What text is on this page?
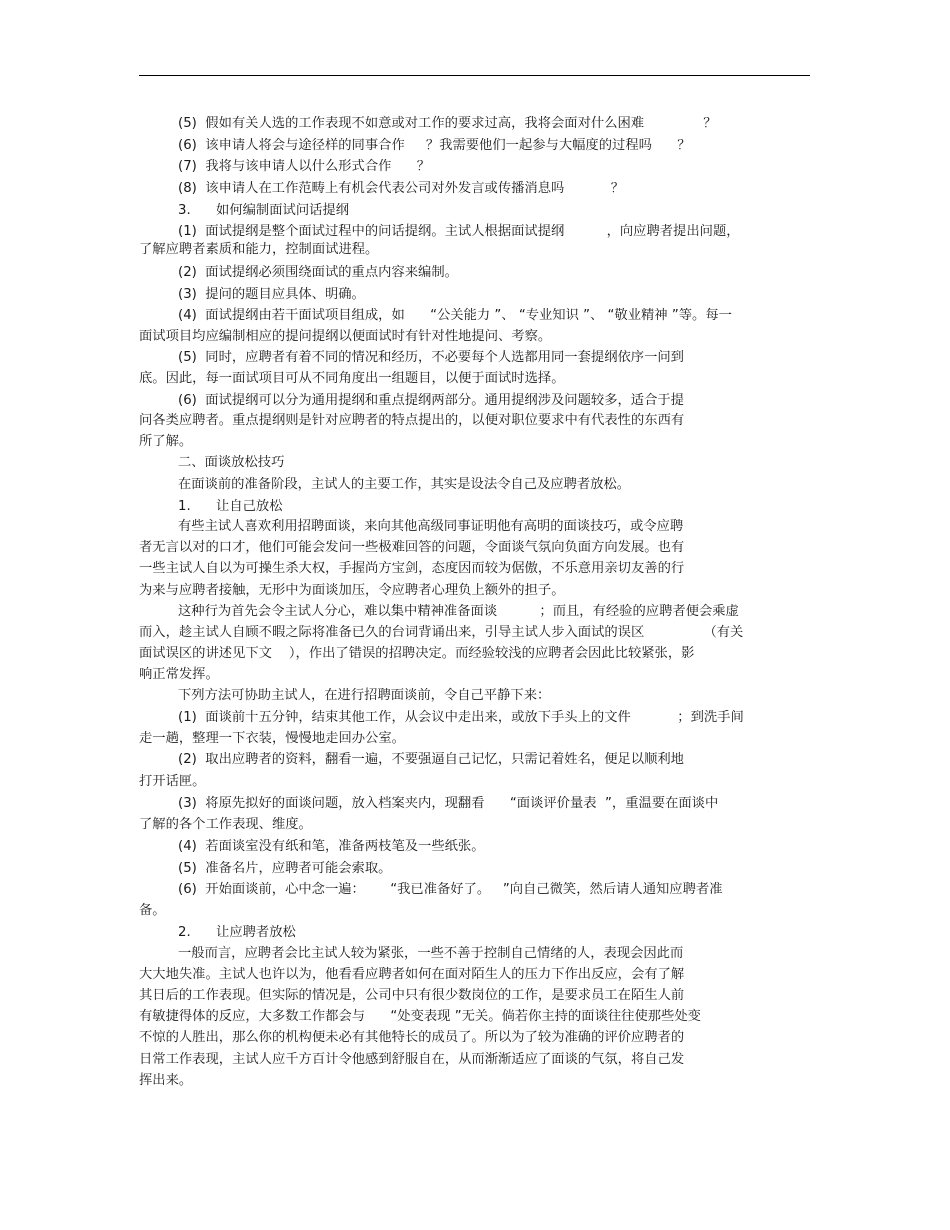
(5)  假如有关人选的工作表现不如意或对工作的要求过高，我将会面对什么困难              ？
(6)  该申请人将会与途径样的同事合作     ？我需要他们一起参与大幅度的过程吗      ？
(7)  我将与该申请人以什么形式合作      ？
(8)  该申请人在工作范畴上有机会代表公司对外发言或传播消息吗           ？
3.      如何编制面试问话提纲
(1)  面试提纲是整个面试过程中的问话提纲。主试人根据面试提纲          ，向应聘者提出问题，
了解应聘者素质和能力，控制面试进程。
(2)  面试提纲必须围绕面试的重点内容来编制。
(3)  提问的题目应具体、明确。
(4)  面试提纲由若干面试项目组成，如      “公关能力 ”、 “专业知识 ”、 “敬业精神 ”等。每一
面试项目均应编制相应的提问提纲以便面试时有针对性地提问、考察。
(5)  同时，应聘者有着不同的情况和经历，不必要每个人选都用同一套提纲依序一问到
底。因此，每一面试项目可从不同角度出一组题目，以便于面试时选择。
(6)  面试提纲可以分为通用提纲和重点提纲两部分。通用提纲涉及问题较多，适合于提
问各类应聘者。重点提纲则是针对应聘者的特点提出的，以便对职位要求中有代表性的东西有
所了解。
二、面谈放松技巧
在面谈前的准备阶段，主试人的主要工作，其实是设法令自己及应聘者放松。
1.      让自己放松
有些主试人喜欢利用招聘面谈，来向其他高级同事证明他有高明的面谈技巧，或令应聘
者无言以对的口才，他们可能会发问一些极难回答的问题，令面谈气氛向负面方向发展。也有
一些主试人自以为可操生杀大权，手握尚方宝剑，态度因而较为倨傲，不乐意用亲切友善的行
为来与应聘者接触，无形中为面谈加压，令应聘者心理负上额外的担子。
这种行为首先会令主试人分心，难以集中精神准备面谈          ；而且，有经验的应聘者便会乘虚
而入，趁主试人自顾不暇之际将准备已久的台词背诵出来，引导主试人步入面试的误区              （有关
面试误区的讲述见下文    ），作出了错误的招聘决定。而经验较浅的应聘者会因此比较紧张，影
响正常发挥。
下列方法可协助主试人，在进行招聘面谈前，令自己平静下来：
(1)  面谈前十五分钟，结束其他工作，从会议中走出来，或放下手头上的文件           ；到洗手间
走一趟，整理一下衣装，慢慢地走回办公室。
(2)  取出应聘者的资料，翻看一遍，不要强逼自己记忆，只需记着姓名，便足以顺利地
打开话匣。
(3)  将原先拟好的面谈问题，放入档案夹内，现翻看      “面谈评价量表  ”，重温要在面谈中
了解的各个工作表现、维度。
(4)  若面谈室没有纸和笔，准备两枝笔及一些纸张。
(5)  准备名片，应聘者可能会索取。
(6)  开始面谈前，心中念一遍：      “我已准备好了。   ”向自己微笑，然后请人通知应聘者准
备。
2.      让应聘者放松
一般而言，应聘者会比主试人较为紧张，一些不善于控制自己情绪的人，表现会因此而
大大地失准。主试人也许以为，他看看应聘者如何在面对陌生人的压力下作出反应，会有了解
其日后的工作表现。但实际的情况是，公司中只有很少数岗位的工作，是要求员工在陌生人前
有敏捷得体的反应，大多数工作都会与      “处变表现 ”无关。倘若你主持的面谈往往使那些处变
不惊的人胜出，那么你的机构便未必有其他特长的成员了。所以为了较为准确的评价应聘者的
日常工作表现，主试人应千方百计令他感到舒服自在，从而渐渐适应了面谈的气氛，将自己发
挥出来。
